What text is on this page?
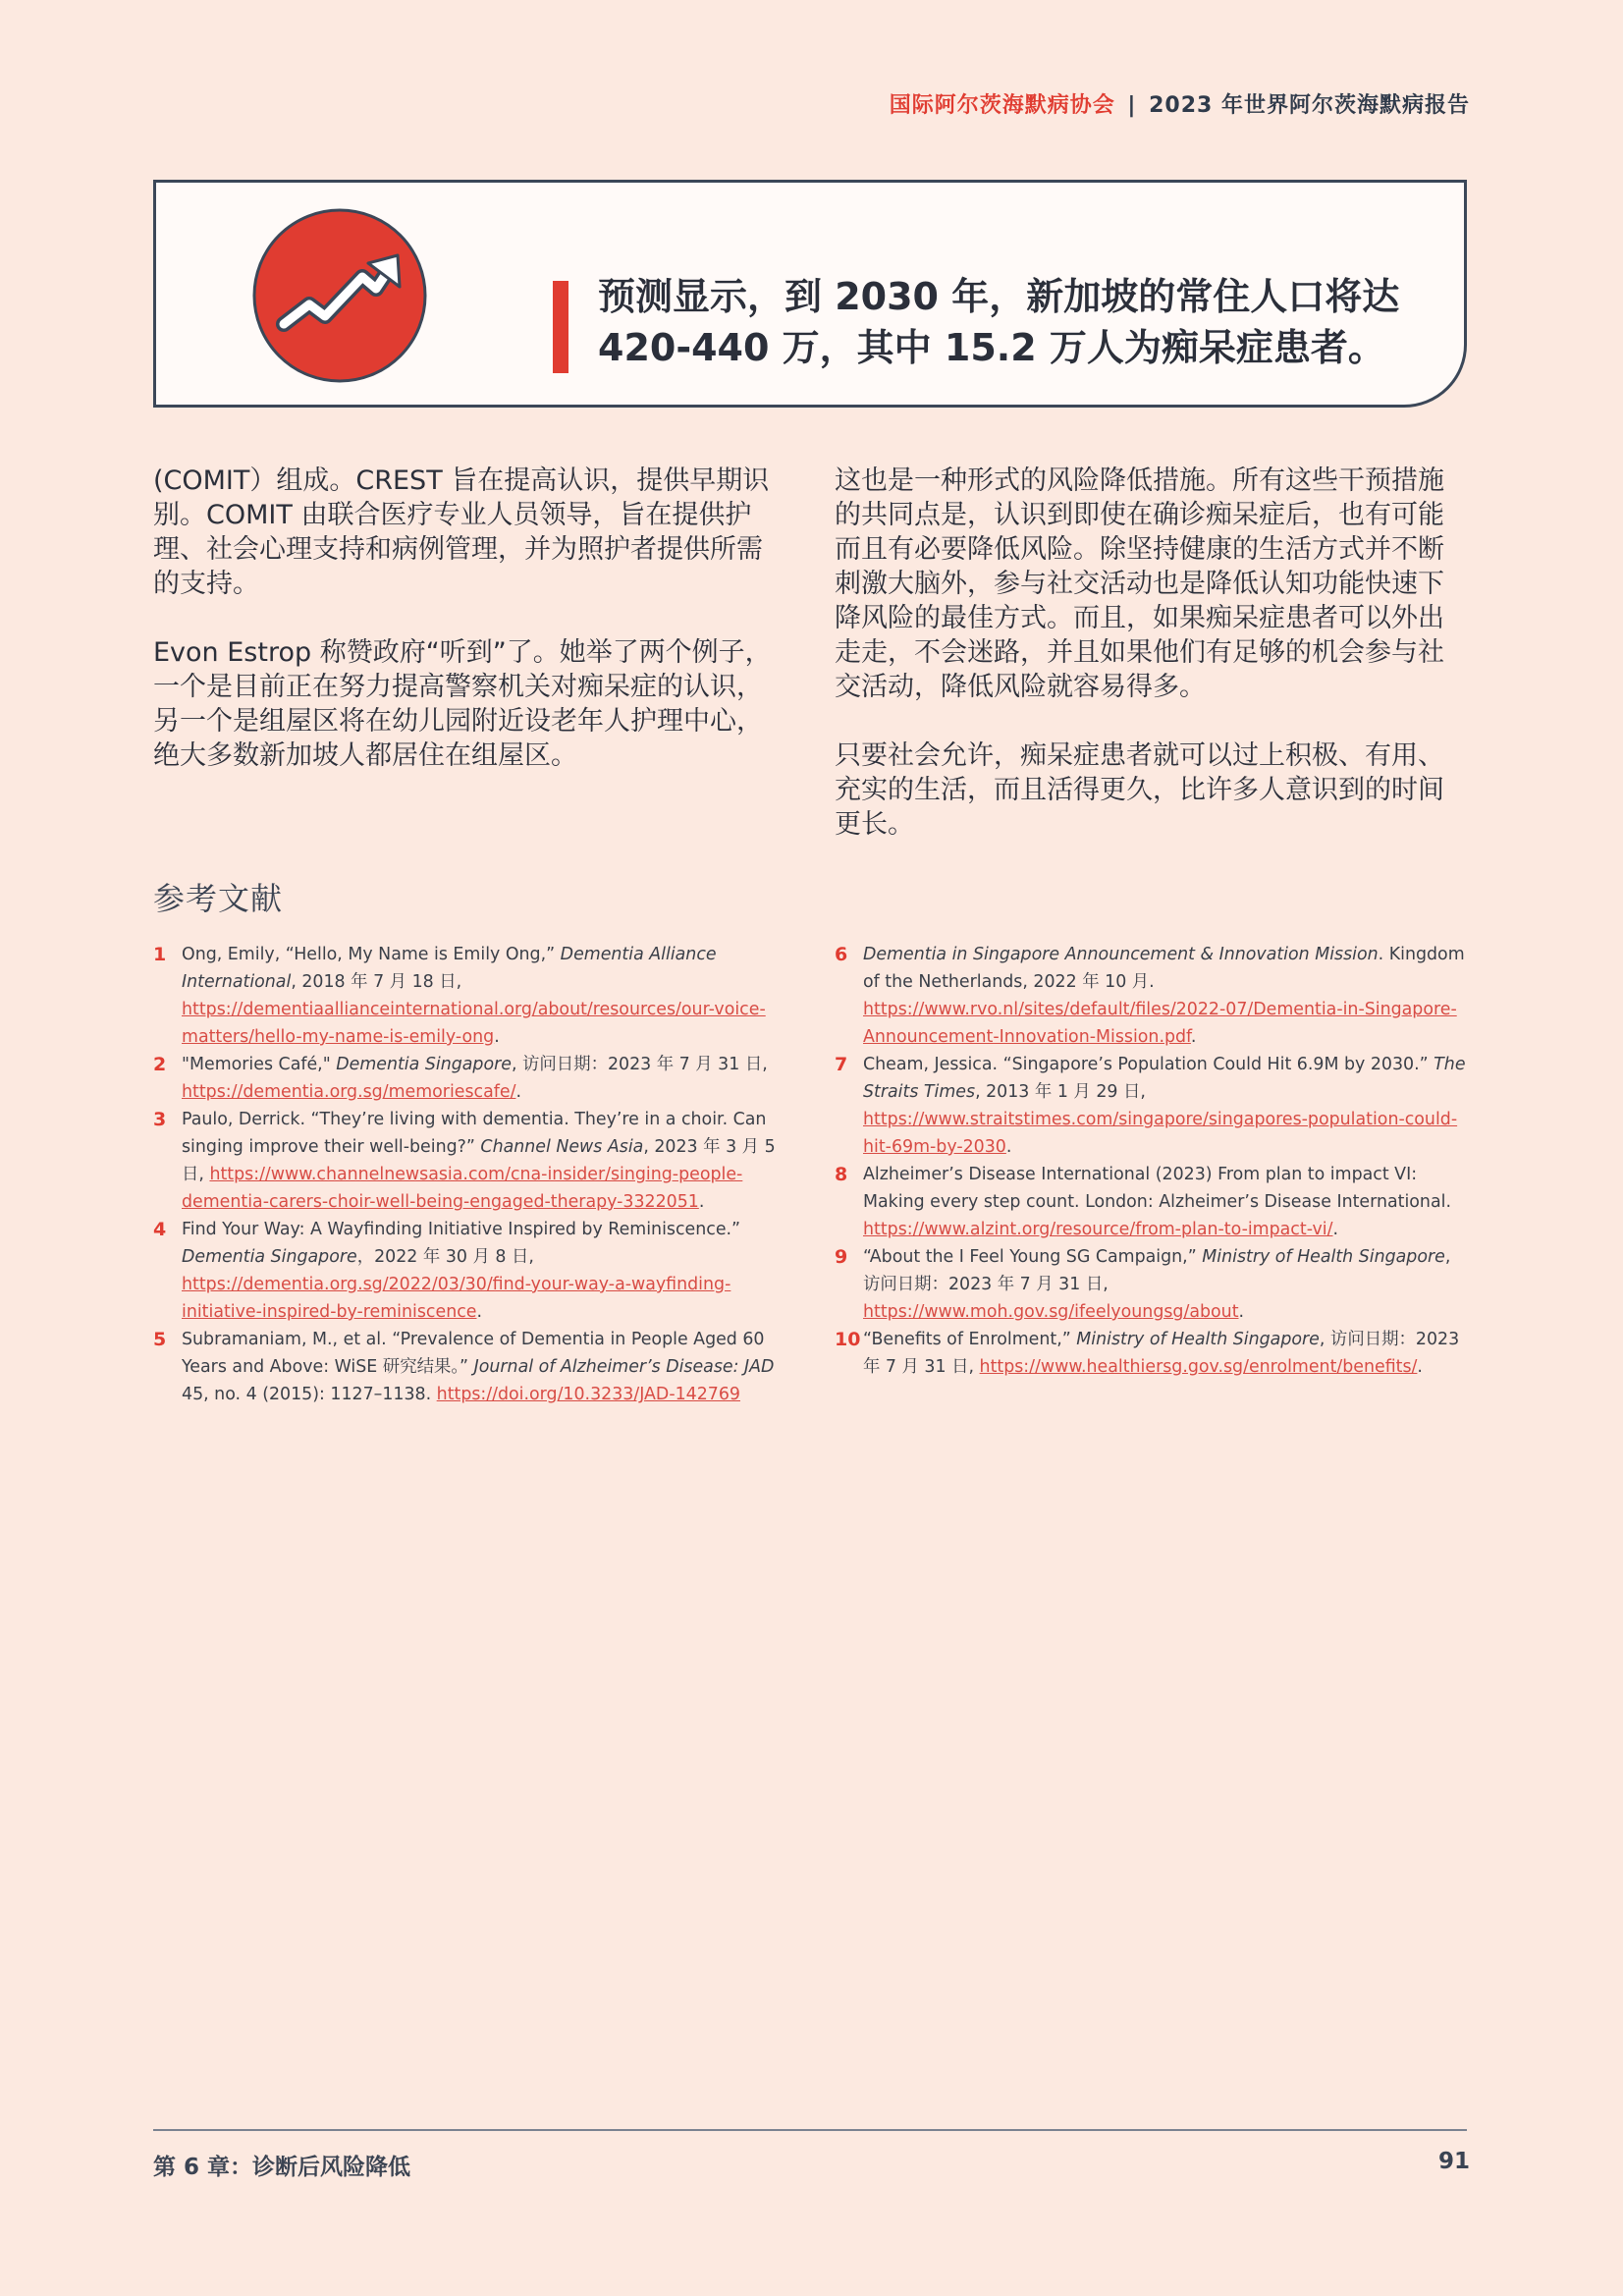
国际阿尔茨海默病协会 | 2023 年世界阿尔茨海默病报告
预测显示，到 2030 年，新加坡的常住人口将达
420-440 万，其中 15.2 万人为痴呆症患者。

(COMIT）组成。CREST 旨在提高认识，提供早期识别。COMIT 由联合医疗专业人员领导，旨在提供护理、社会心理支持和病例管理，并为照护者提供所需的支持。

Evon Estrop 称赞政府“听到”了。她举了两个例子，一个是目前正在努力提高警察机关对痴呆症的认识，另一个是组屋区将在幼儿园附近设老年人护理中心，绝大多数新加坡人都居住在组屋区。

这也是一种形式的风险降低措施。所有这些干预措施的共同点是，认识到即使在确诊痴呆症后，也有可能而且有必要降低风险。除坚持健康的生活方式并不断刺激大脑外，参与社交活动也是降低认知功能快速下降风险的最佳方式。而且，如果痴呆症患者可以外出走走，不会迷路，并且如果他们有足够的机会参与社交活动，降低风险就容易得多。

只要社会允许，痴呆症患者就可以过上积极、有用、充实的生活，而且活得更久，比许多人意识到的时间更长。

参考文献
1 Ong, Emily, “Hello, My Name is Emily Ong,” Dementia Alliance International, 2018 年 7 月 18 日, https://dementiaallianceinternational.org/about/resources/our-voice-matters/hello-my-name-is-emily-ong.
2 "Memories Café," Dementia Singapore, 访问日期：2023 年 7 月 31 日, https://dementia.org.sg/memoriescafe/.
3 Paulo, Derrick. “They’re living with dementia. They’re in a choir. Can singing improve their well-being?” Channel News Asia, 2023 年 3 月 5 日, https://www.channelnewsasia.com/cna-insider/singing-people-dementia-carers-choir-well-being-engaged-therapy-3322051.
4 Find Your Way: A Wayfinding Initiative Inspired by Reminiscence.” Dementia Singapore，2022 年 30 月 8 日, https://dementia.org.sg/2022/03/30/find-your-way-a-wayfinding-initiative-inspired-by-reminiscence.
5 Subramaniam, M., et al. “Prevalence of Dementia in People Aged 60 Years and Above: WiSE 研究结果。” Journal of Alzheimer’s Disease: JAD 45, no. 4 (2015): 1127–1138. https://doi.org/10.3233/JAD-142769
6 Dementia in Singapore Announcement & Innovation Mission. Kingdom of the Netherlands, 2022 年 10 月. https://www.rvo.nl/sites/default/files/2022-07/Dementia-in-Singapore-Announcement-Innovation-Mission.pdf.
7 Cheam, Jessica. “Singapore’s Population Could Hit 6.9M by 2030.” The Straits Times, 2013 年 1 月 29 日, https://www.straitstimes.com/singapore/singapores-population-could-hit-69m-by-2030.
8 Alzheimer’s Disease International (2023) From plan to impact VI: Making every step count. London: Alzheimer’s Disease International. https://www.alzint.org/resource/from-plan-to-impact-vi/.
9 “About the I Feel Young SG Campaign,” Ministry of Health Singapore, 访问日期：2023 年 7 月 31 日, https://www.moh.gov.sg/ifeelyoungsg/about.
10 “Benefits of Enrolment,” Ministry of Health Singapore, 访问日期：2023 年 7 月 31 日, https://www.healthiersg.gov.sg/enrolment/benefits/.
第 6 章：诊断后风险降低	91
